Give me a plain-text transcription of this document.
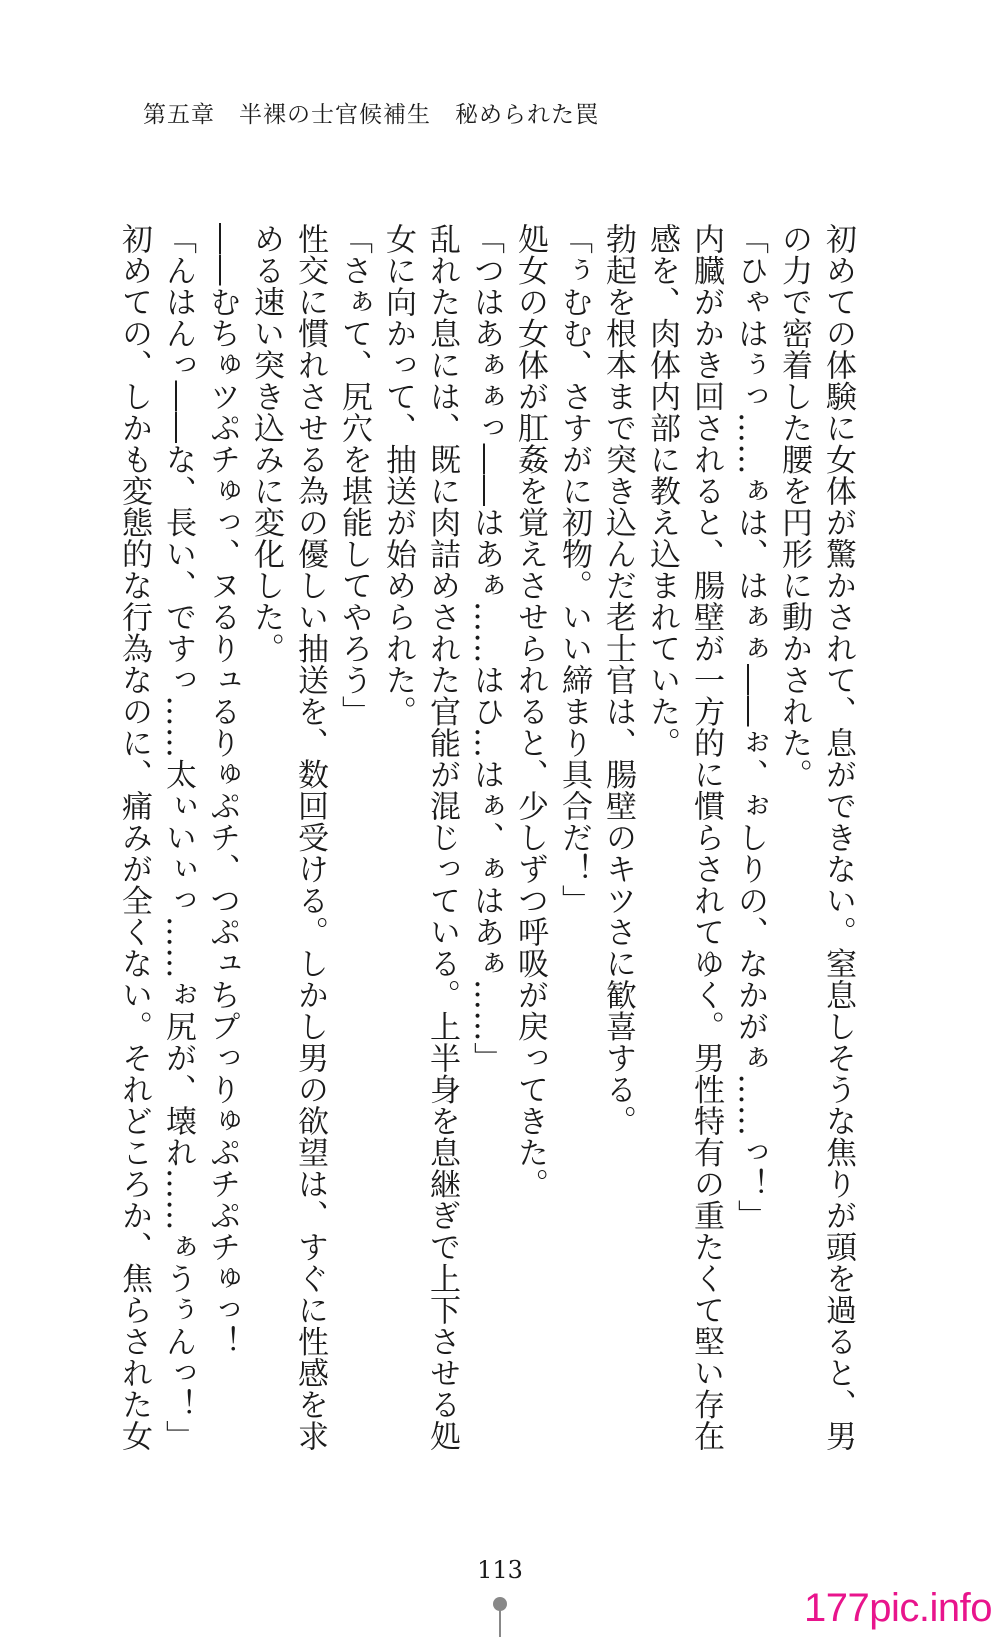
第五章　半裸の士官候補生　秘められた罠
初めての体験に女体が驚かされて、息ができない。窒息しそうな焦りが頭を過ると、男
の力で密着した腰を円形に動かされた。
「ひゃはぅっ……ぁは、はぁぁ――ぉ、ぉしりの、なかがぁ……っ！」
内臓がかき回されると、腸壁が一方的に慣らされてゆく。男性特有の重たくて堅い存在
感を、肉体内部に教え込まれていた。
勃起を根本まで突き込んだ老士官は、腸壁のキツさに歓喜する。
「ぅむむ、さすがに初物。いい締まり具合だ！」
処女の女体が肛姦を覚えさせられると、少しずつ呼吸が戻ってきた。
「つはあぁぁっ――はあぁ……はひ…はぁ、ぁはあぁ……」
乱れた息には、既に肉詰めされた官能が混じっている。上半身を息継ぎで上下させる処
女に向かって、抽送が始められた。
「さぁて、尻穴を堪能してやろう」
性交に慣れさせる為の優しい抽送を、数回受ける。しかし男の欲望は、すぐに性感を求
める速い突き込みに変化した。
――むちゅツぷチゅっ、ヌるりュるりゅぷチ、つぷュちプっりゅぷチぷチゅっ！
「んはんっ――な、長い、ですっ……太ぃいぃっ……ぉ尻が、壊れ……ぁうぅんっ！」
初めての、しかも変態的な行為なのに、痛みが全くない。それどころか、焦らされた女
113
177pic.info
